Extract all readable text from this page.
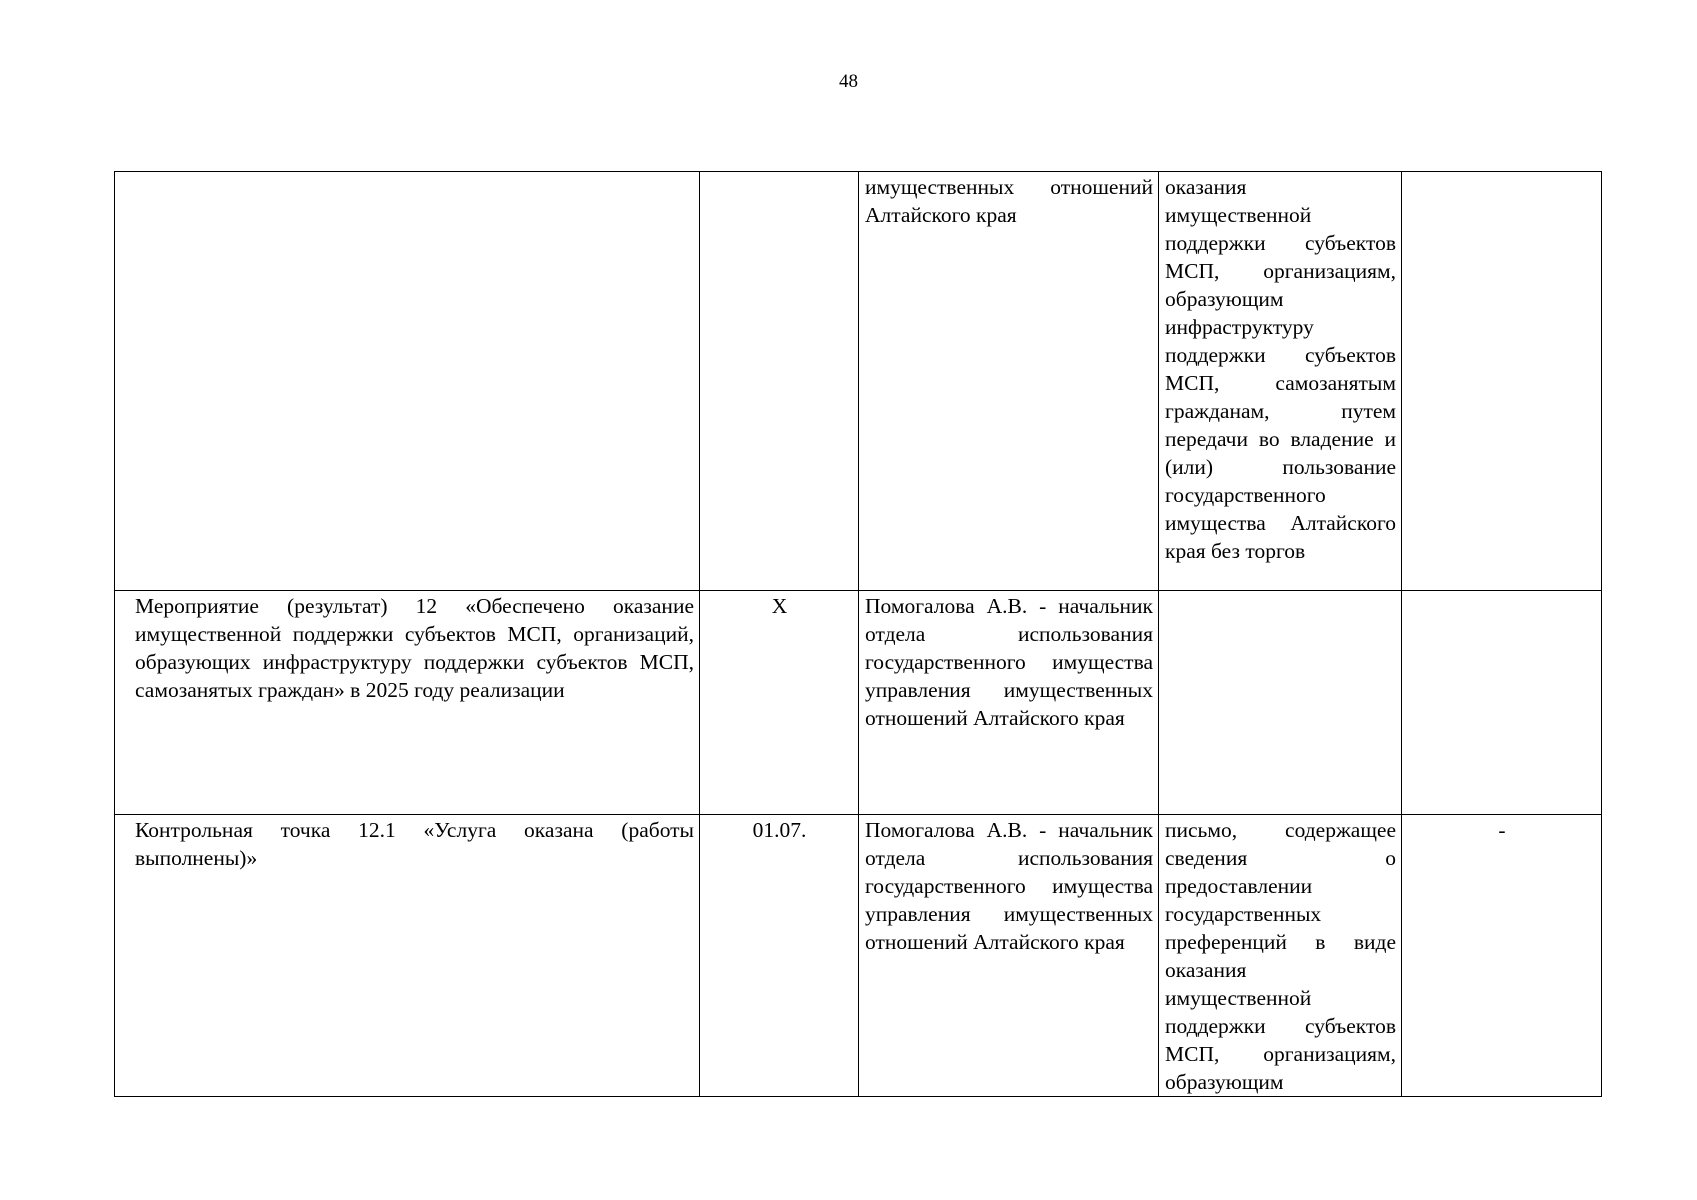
48
		имущественных отношений Алтайского края	оказания имущественной поддержки субъектов МСП, организациям, образующим инфраструктуру поддержки субъектов МСП, самозанятым гражданам, путем передачи во владение и (или) пользование государственного имущества Алтайского края без торгов	
Мероприятие (результат) 12 «Обеспечено оказание имущественной поддержки субъектов МСП, организаций, образующих инфраструктуру поддержки субъектов МСП, самозанятых граждан» в 2025 году реализации	X	Помогалова А.В. - начальник отдела использования государственного имущества управления имущественных отношений Алтайского края		
Контрольная точка 12.1 «Услуга оказана (работы выполнены)»	01.07.	Помогалова А.В. - начальник отдела использования государственного имущества управления имущественных отношений Алтайского края	письмо, содержащее сведения о предоставлении государственных преференций в виде оказания имущественной поддержки субъектов МСП, организациям, образующим	-
